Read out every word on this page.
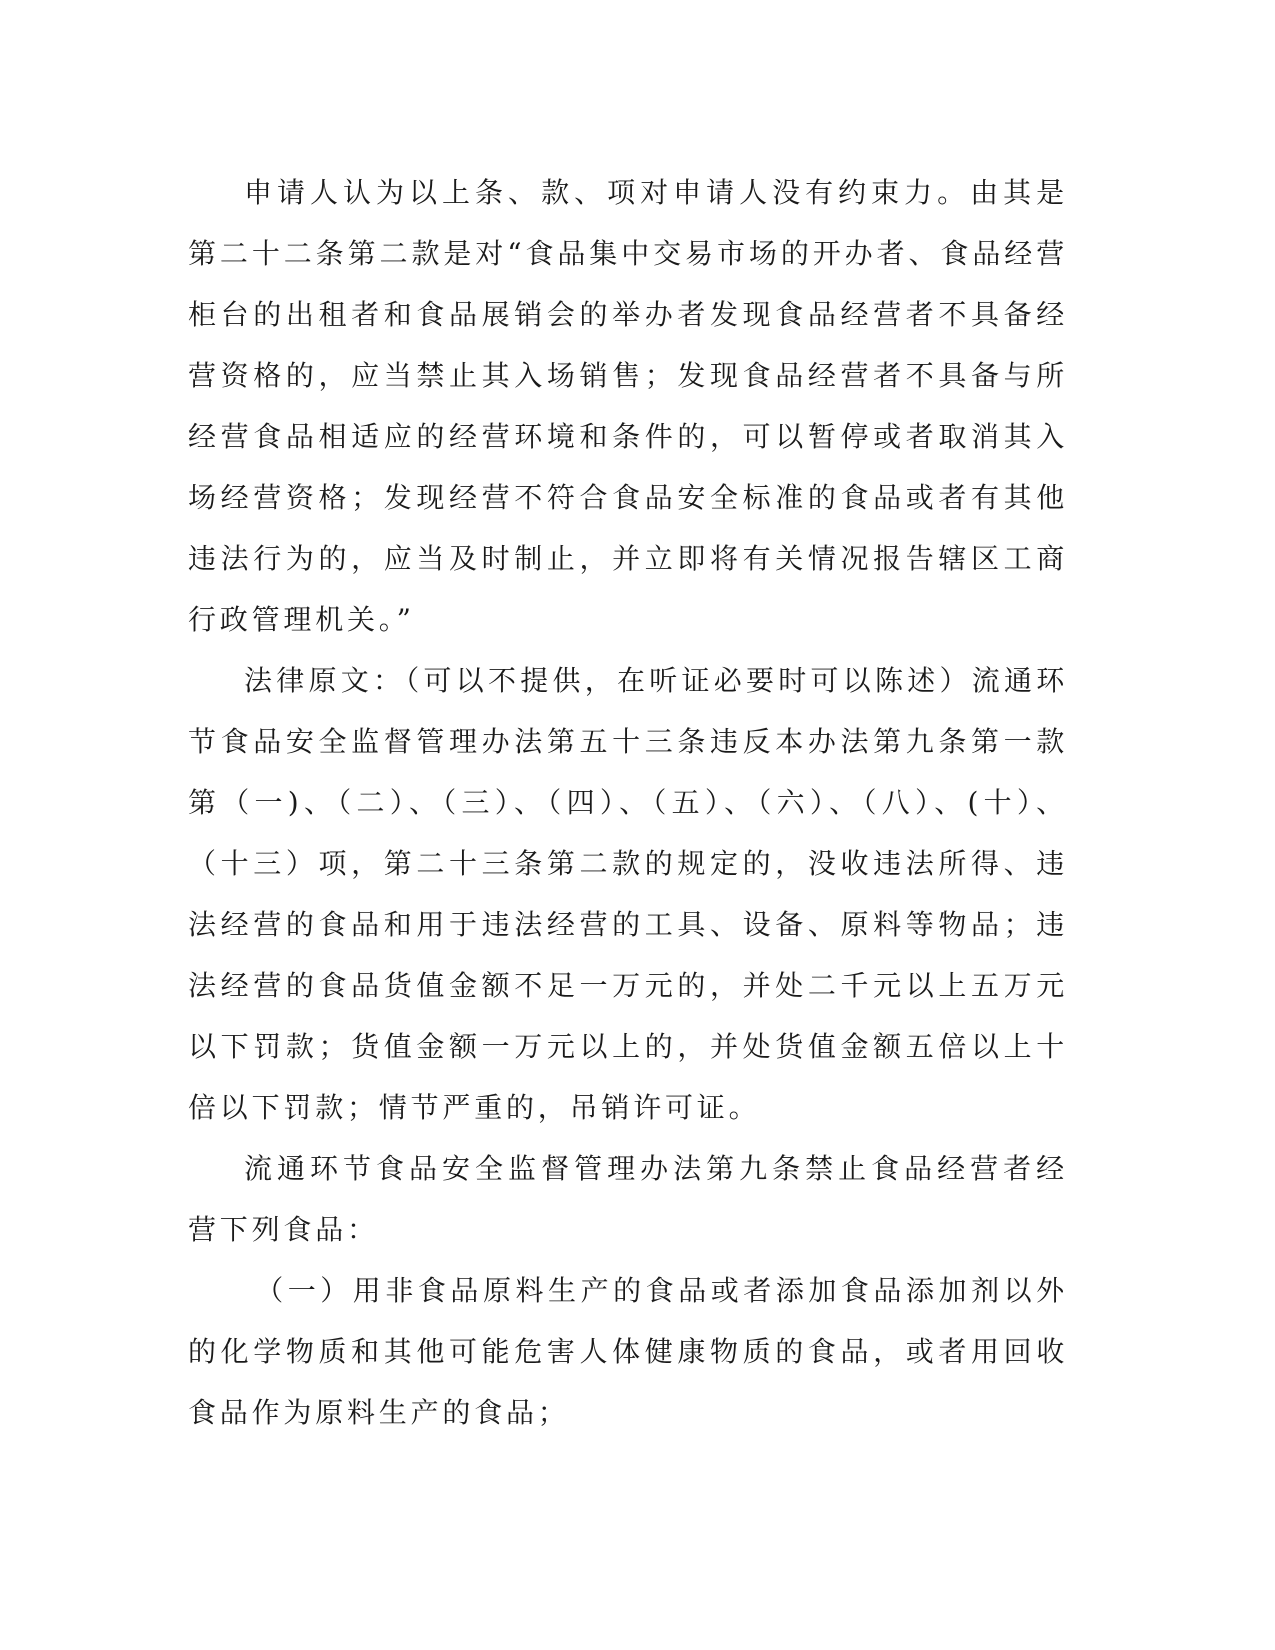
申请人认为以上条、款、项对申请人没有约束力。由其是第二十二条第二款是对“食品集中交易市场的开办者、食品经营柜台的出租者和食品展销会的举办者发现食品经营者不具备经营资格的，应当禁止其入场销售；发现食品经营者不具备与所经营食品相适应的经营环境和条件的，可以暂停或者取消其入场经营资格；发现经营不符合食品安全标准的食品或者有其他违法行为的，应当及时制止，并立即将有关情况报告辖区工商行政管理机关。”

法律原文：（可以不提供，在听证必要时可以陈述）流通环节食品安全监督管理办法第五十三条违反本办法第九条第一款第（一)、（二）、（三）、（四）、（五）、（六）、（八）、(十）、（十三）项，第二十三条第二款的规定的，没收违法所得、违法经营的食品和用于违法经营的工具、设备、原料等物品；违法经营的食品货值金额不足一万元的，并处二千元以上五万元以下罚款；货值金额一万元以上的，并处货值金额五倍以上十倍以下罚款；情节严重的，吊销许可证。

流通环节食品安全监督管理办法第九条禁止食品经营者经营下列食品：

（一）用非食品原料生产的食品或者添加食品添加剂以外的化学物质和其他可能危害人体健康物质的食品，或者用回收食品作为原料生产的食品；
